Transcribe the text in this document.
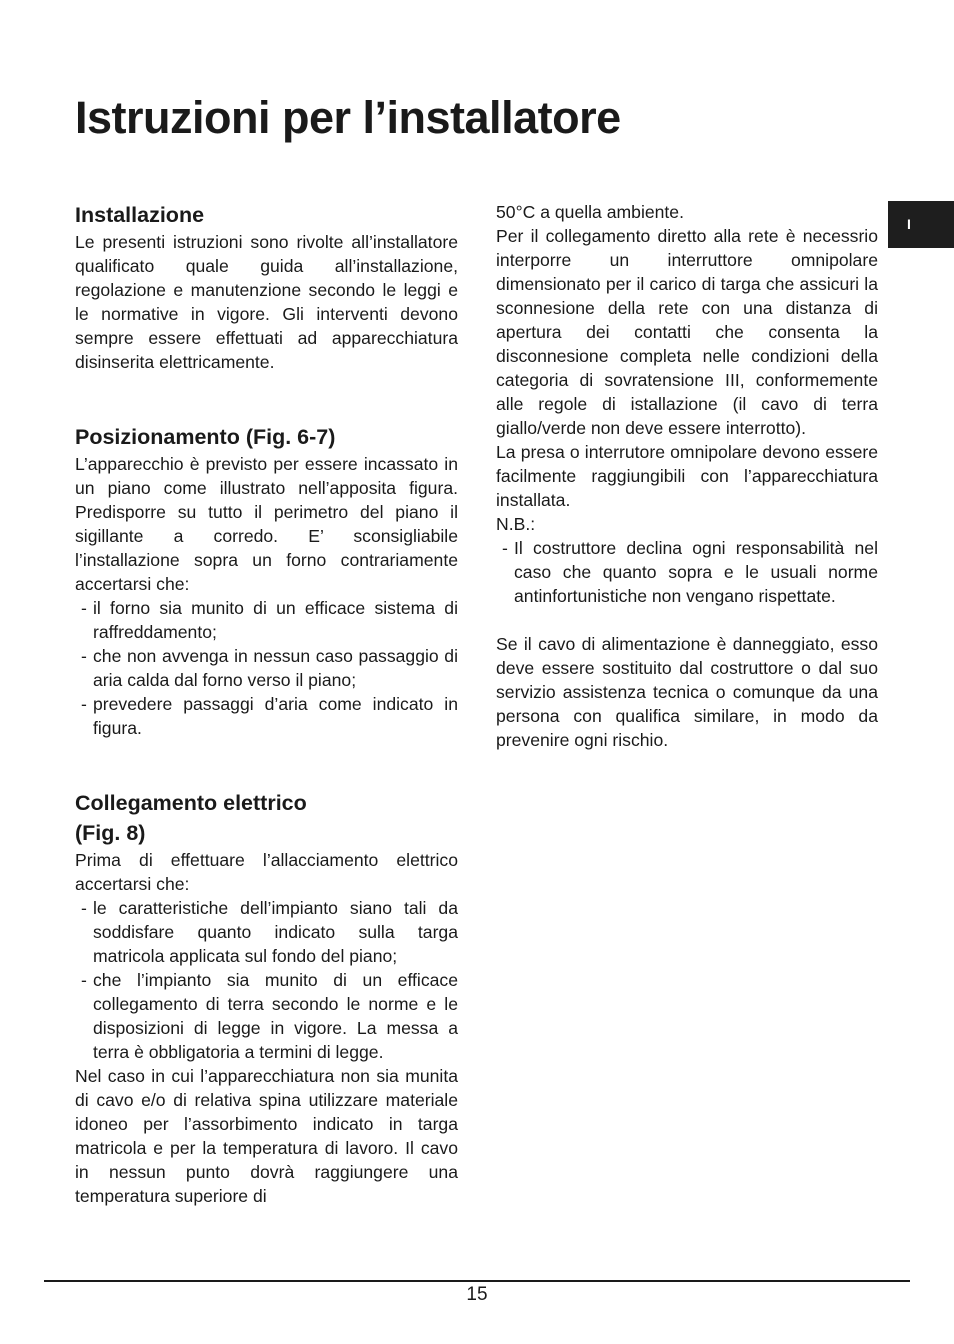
Istruzioni per l’installatore
I
Installazione

Le presenti istruzioni sono rivolte all’installatore qualificato quale guida all’installazione, regolazione e manutenzione secondo le leggi e le normative in vigore. Gli interventi devono sempre essere effettuati ad apparecchiatura disinserita elettricamente.

Posizionamento (Fig. 6-7)

L’apparecchio è previsto per essere incassato in un piano come illustrato nell’apposita figura. Predisporre su tutto il perimetro del piano il sigillante a corredo. E’ sconsigliabile l’installazione sopra un forno contrariamente accertarsi che:

- il forno sia munito di un efficace sistema di raffreddamento;
- che non avvenga in nessun caso passaggio di aria calda dal forno verso il piano;
- prevedere passaggi d’aria come indicato in figura.
Collegamento elettrico
(Fig. 8)

Prima di effettuare l’allacciamento elettrico accertarsi che:

- le caratteristiche dell’impianto siano tali da soddisfare quanto indicato sulla targa matricola applicata sul fondo del piano;
- che l’impianto sia munito di un efficace collegamento di terra secondo le norme e le disposizioni di legge in vigore. La messa a terra è obbligatoria a termini di legge.

Nel caso in cui l’apparecchiatura non sia munita di cavo e/o di relativa spina utilizzare materiale idoneo per l’assorbimento indicato in targa matricola e per la temperatura di lavoro. Il cavo in nessun punto dovrà raggiungere una temperatura superiore di

50°C a quella ambiente.

Per il collegamento diretto alla rete è necessrio interporre un interruttore omnipolare dimensionato per il carico di targa che assicuri la sconnesione della rete con una distanza di apertura dei contatti che consenta la disconnesione completa nelle condizioni della categoria di sovratensione III, conformemente alle regole di istallazione (il cavo di terra giallo/verde non deve essere interrotto).

La presa o interrutore omnipolare devono essere facilmente raggiungibili con l’apparecchiatura installata.

N.B.:

- Il costruttore declina ogni responsabilità nel caso che quanto sopra e le usuali norme antinfortunistiche non vengano rispettate.

Se il cavo di alimentazione è danneggiato, esso deve essere sostituito dal costruttore o dal suo servizio assistenza tecnica o comunque da una persona con qualifica similare, in modo da prevenire ogni rischio.

15
